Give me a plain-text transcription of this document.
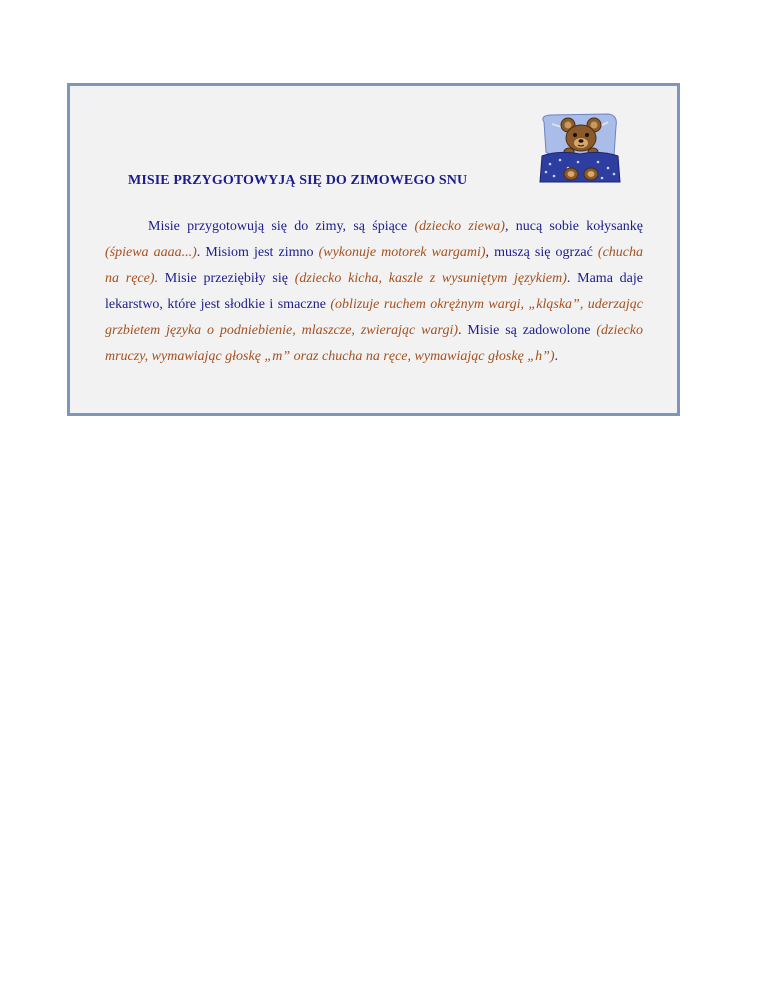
MISIE PRZYGOTOWYJĄ SIĘ DO ZIMOWEGO SNU

Misie przygotowują się do zimy, są śpiące (dziecko ziewa), nucą sobie kołysankę (śpiewa aaaa...). Misiom jest zimno (wykonuje motorek wargami), muszą się ogrzać (chucha na ręce). Misie przeziębiły się (dziecko kicha, kaszle z wysuniętym językiem). Mama daje lekarstwo, które jest słodkie i smaczne (oblizuje ruchem okrężnym wargi, „kląska”, uderzając grzbietem języka o podniebienie, mlaszcze, zwierając wargi). Misie są zadowolone (dziecko mruczy, wymawiając głoskę „m” oraz chucha na ręce, wymawiając głoskę „h”).
